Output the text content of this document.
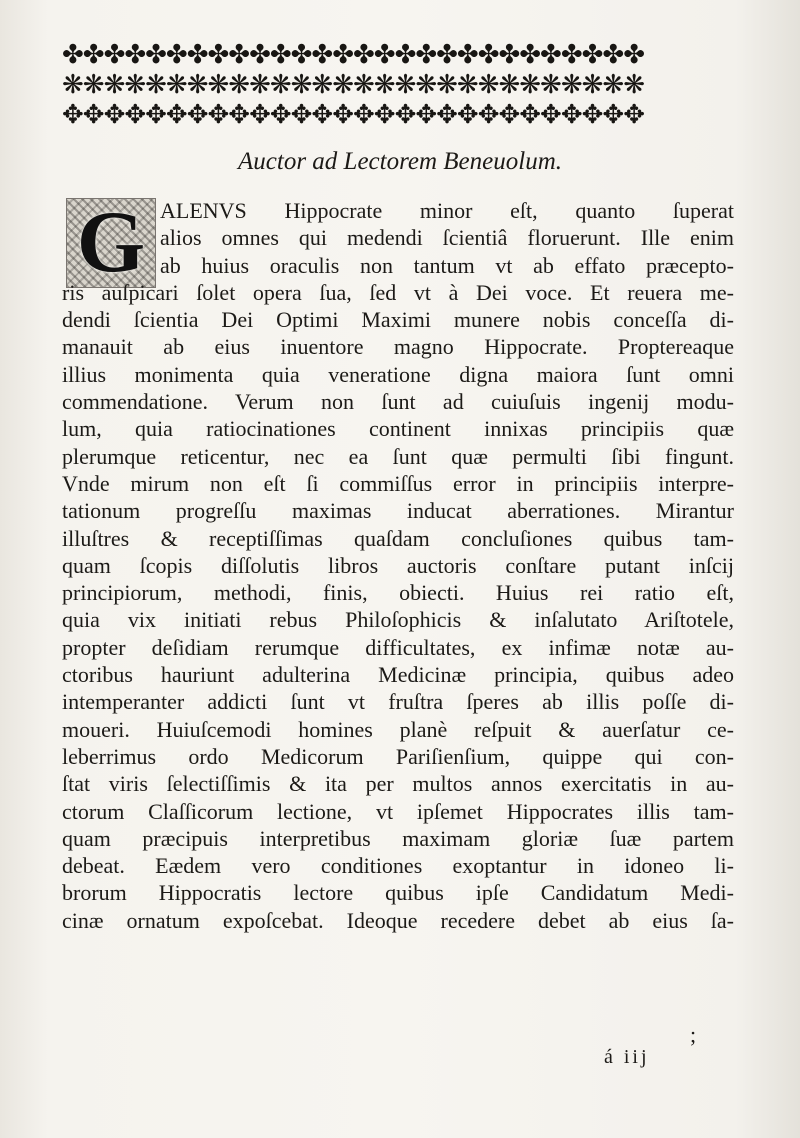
✤✤✤✤✤✤✤✤✤✤✤✤✤✤✤✤✤✤✤✤✤✤✤✤✤✤✤✤
❋❋❋❋❋❋❋❋❋❋❋❋❋❋❋❋❋❋❋❋❋❋❋❋❋❋❋❋
✥✥✥✥✥✥✥✥✥✥✥✥✥✥✥✥✥✥✥✥✥✥✥✥✥✥✥✥
Auctor ad Lectorem Beneuolum.
G ALENVS Hippocrate minor eſt, quanto ſuperat
alios omnes qui medendi ſcientiâ floruerunt. Ille enim
ab huius oraculis non tantum vt ab effato præcepto-
ris auſpicari ſolet opera ſua, ſed vt à Dei voce. Et reuera me-
dendi ſcientia Dei Optimi Maximi munere nobis conceſſa di-
manauit ab eius inuentore magno Hippocrate. Proptereaque
illius monimenta quia veneratione digna maiora ſunt omni
commendatione. Verum non ſunt ad cuiuſuis ingenij modu-
lum, quia ratiocinationes continent innixas principiis quæ
plerumque reticentur, nec ea ſunt quæ permulti ſibi fingunt.
Vnde mirum non eſt ſi commiſſus error in principiis interpre-
tationum progreſſu maximas inducat aberrationes. Mirantur
illuſtres & receptiſſimas quaſdam concluſiones quibus tam-
quam ſcopis diſſolutis libros auctoris conſtare putant inſcij
principiorum, methodi, finis, obiecti. Huius rei ratio eſt,
quia vix initiati rebus Philoſophicis & inſalutato Ariſtotele,
propter deſidiam rerumque difficultates, ex infimæ notæ au-
ctoribus hauriunt adulterina Medicinæ principia, quibus adeo
intemperanter addicti ſunt vt fruſtra ſperes ab illis poſſe di-
moueri. Huiuſcemodi homines planè reſpuit & auerſatur ce-
leberrimus ordo Medicorum Pariſienſium, quippe qui con-
ſtat viris ſelectiſſimis & ita per multos annos exercitatis in au-
ctorum Claſſicorum lectione, vt ipſemet Hippocrates illis tam-
quam præcipuis interpretibus maximam gloriæ ſuæ partem
debeat. Eædem vero conditiones exoptantur in idoneo li-
brorum Hippocratis lectore quibus ipſe Candidatum Medi-
cinæ ornatum expoſcebat. Ideoque recedere debet ab eius ſa-
;
á iij
